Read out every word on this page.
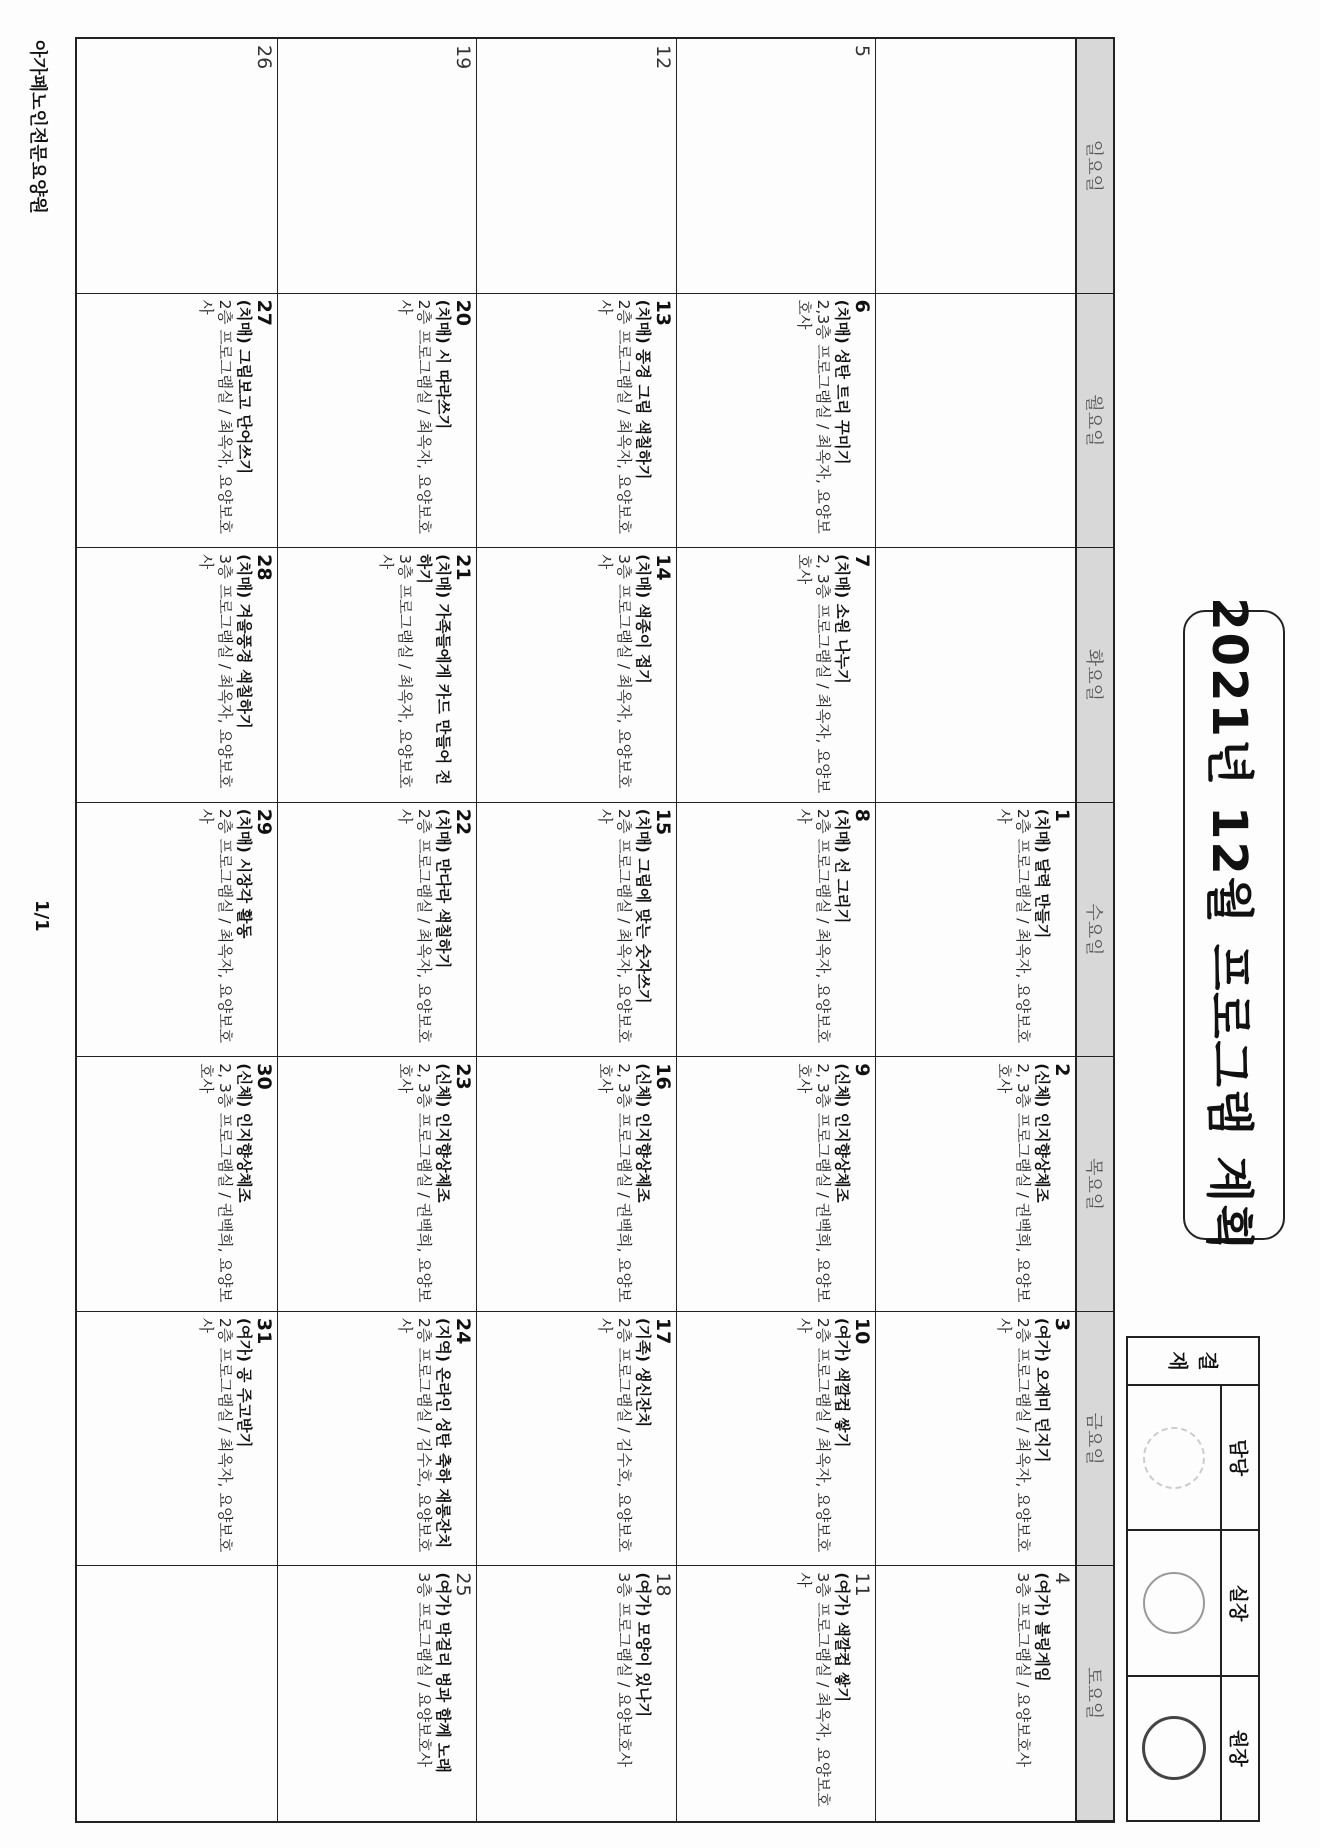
2021년 12월 프로그램 계획
결
재
담당
실장
원장
일요일
월요일
화요일
수요일
목요일
금요일
토요일
1
(치매) 달력 만들기
2층 프로그램실 / 최옥자, 요양보호사
2
(신체) 인지향상체조
2, 3층 프로그램실 / 권백희, 요양보호사
3
(여가) 오재미 던지기
2층 프로그램실 / 최옥자, 요양보호사
4
(여가) 볼링게임
3층 프로그램실 / 요양보호사
5
6
(치매) 성탄 트리 꾸미기
2,3층 프로그램실 / 최옥자, 요양보호사
7
(치매) 소원 나누기
2, 3층 프로그램실 / 최옥자, 요양보호사
8
(치매) 선 그리기
2층 프로그램실 / 최옥자, 요양보호사
9
(신체) 인지향상체조
2, 3층 프로그램실 / 권백희, 요양보호사
10
(여가) 색깔컵 쌓기
2층 프로그램실 / 최옥자, 요양보호사
11
(여가) 색깔컵 쌓기
3층 프로그램실 / 최옥자, 요양보호사
12
13
(치매) 풍경 그림 색칠하기
2층 프로그램실 / 최옥자, 요양보호사
14
(치매) 색종이 접기
3층 프로그램실 / 최옥자, 요양보호사
15
(치매) 그림에 맞는 숫자쓰기
2층 프로그램실 / 최옥자, 요양보호사
16
(신체) 인지향상체조
2, 3층 프로그램실 / 권백희, 요양보호사
17
(기족) 생신잔치
2층 프로그램실 / 김수호, 요양보호사
18
(여가) 모양이 있나기
3층 프로그램실 / 요양보호사
19
20
(치매) 시 따라쓰기
2층 프로그램실 / 최옥자, 요양보호사
21
(치매) 가족들에게 카드 만들어 전하기
3층 프로그램실 / 최옥자, 요양보호사
22
(치매) 만다라 색칠하기
2층 프로그램실 / 최옥자, 요양보호사
23
(신체) 인지향상체조
2, 3층 프로그램실 / 권백희, 요양보호사
24
(지역) 온라인 성탄 축하 재롱잔치
2층 프로그램실 / 김수호, 요양보호사
25
(여가) 막걸리 벙과 함께 노래
3층 프로그램실 / 요양보호사
26
27
(치매) 그림보고 단어쓰기
2층 프로그램실 / 최옥자, 요양보호사
28
(치매) 겨울풍경 색칠하기
3층 프로그램실 / 최옥자, 요양보호사
29
(치매) 시장각 활동
2층 프로그램실 / 최옥자, 요양보호사
30
(신체) 인지향상체조
2, 3층 프로그램실 / 권백희, 요양보호사
31
(여가) 공 주고받기
2층 프로그램실 / 최옥자, 요양보호사
아가페노인전문요양원
1/1
